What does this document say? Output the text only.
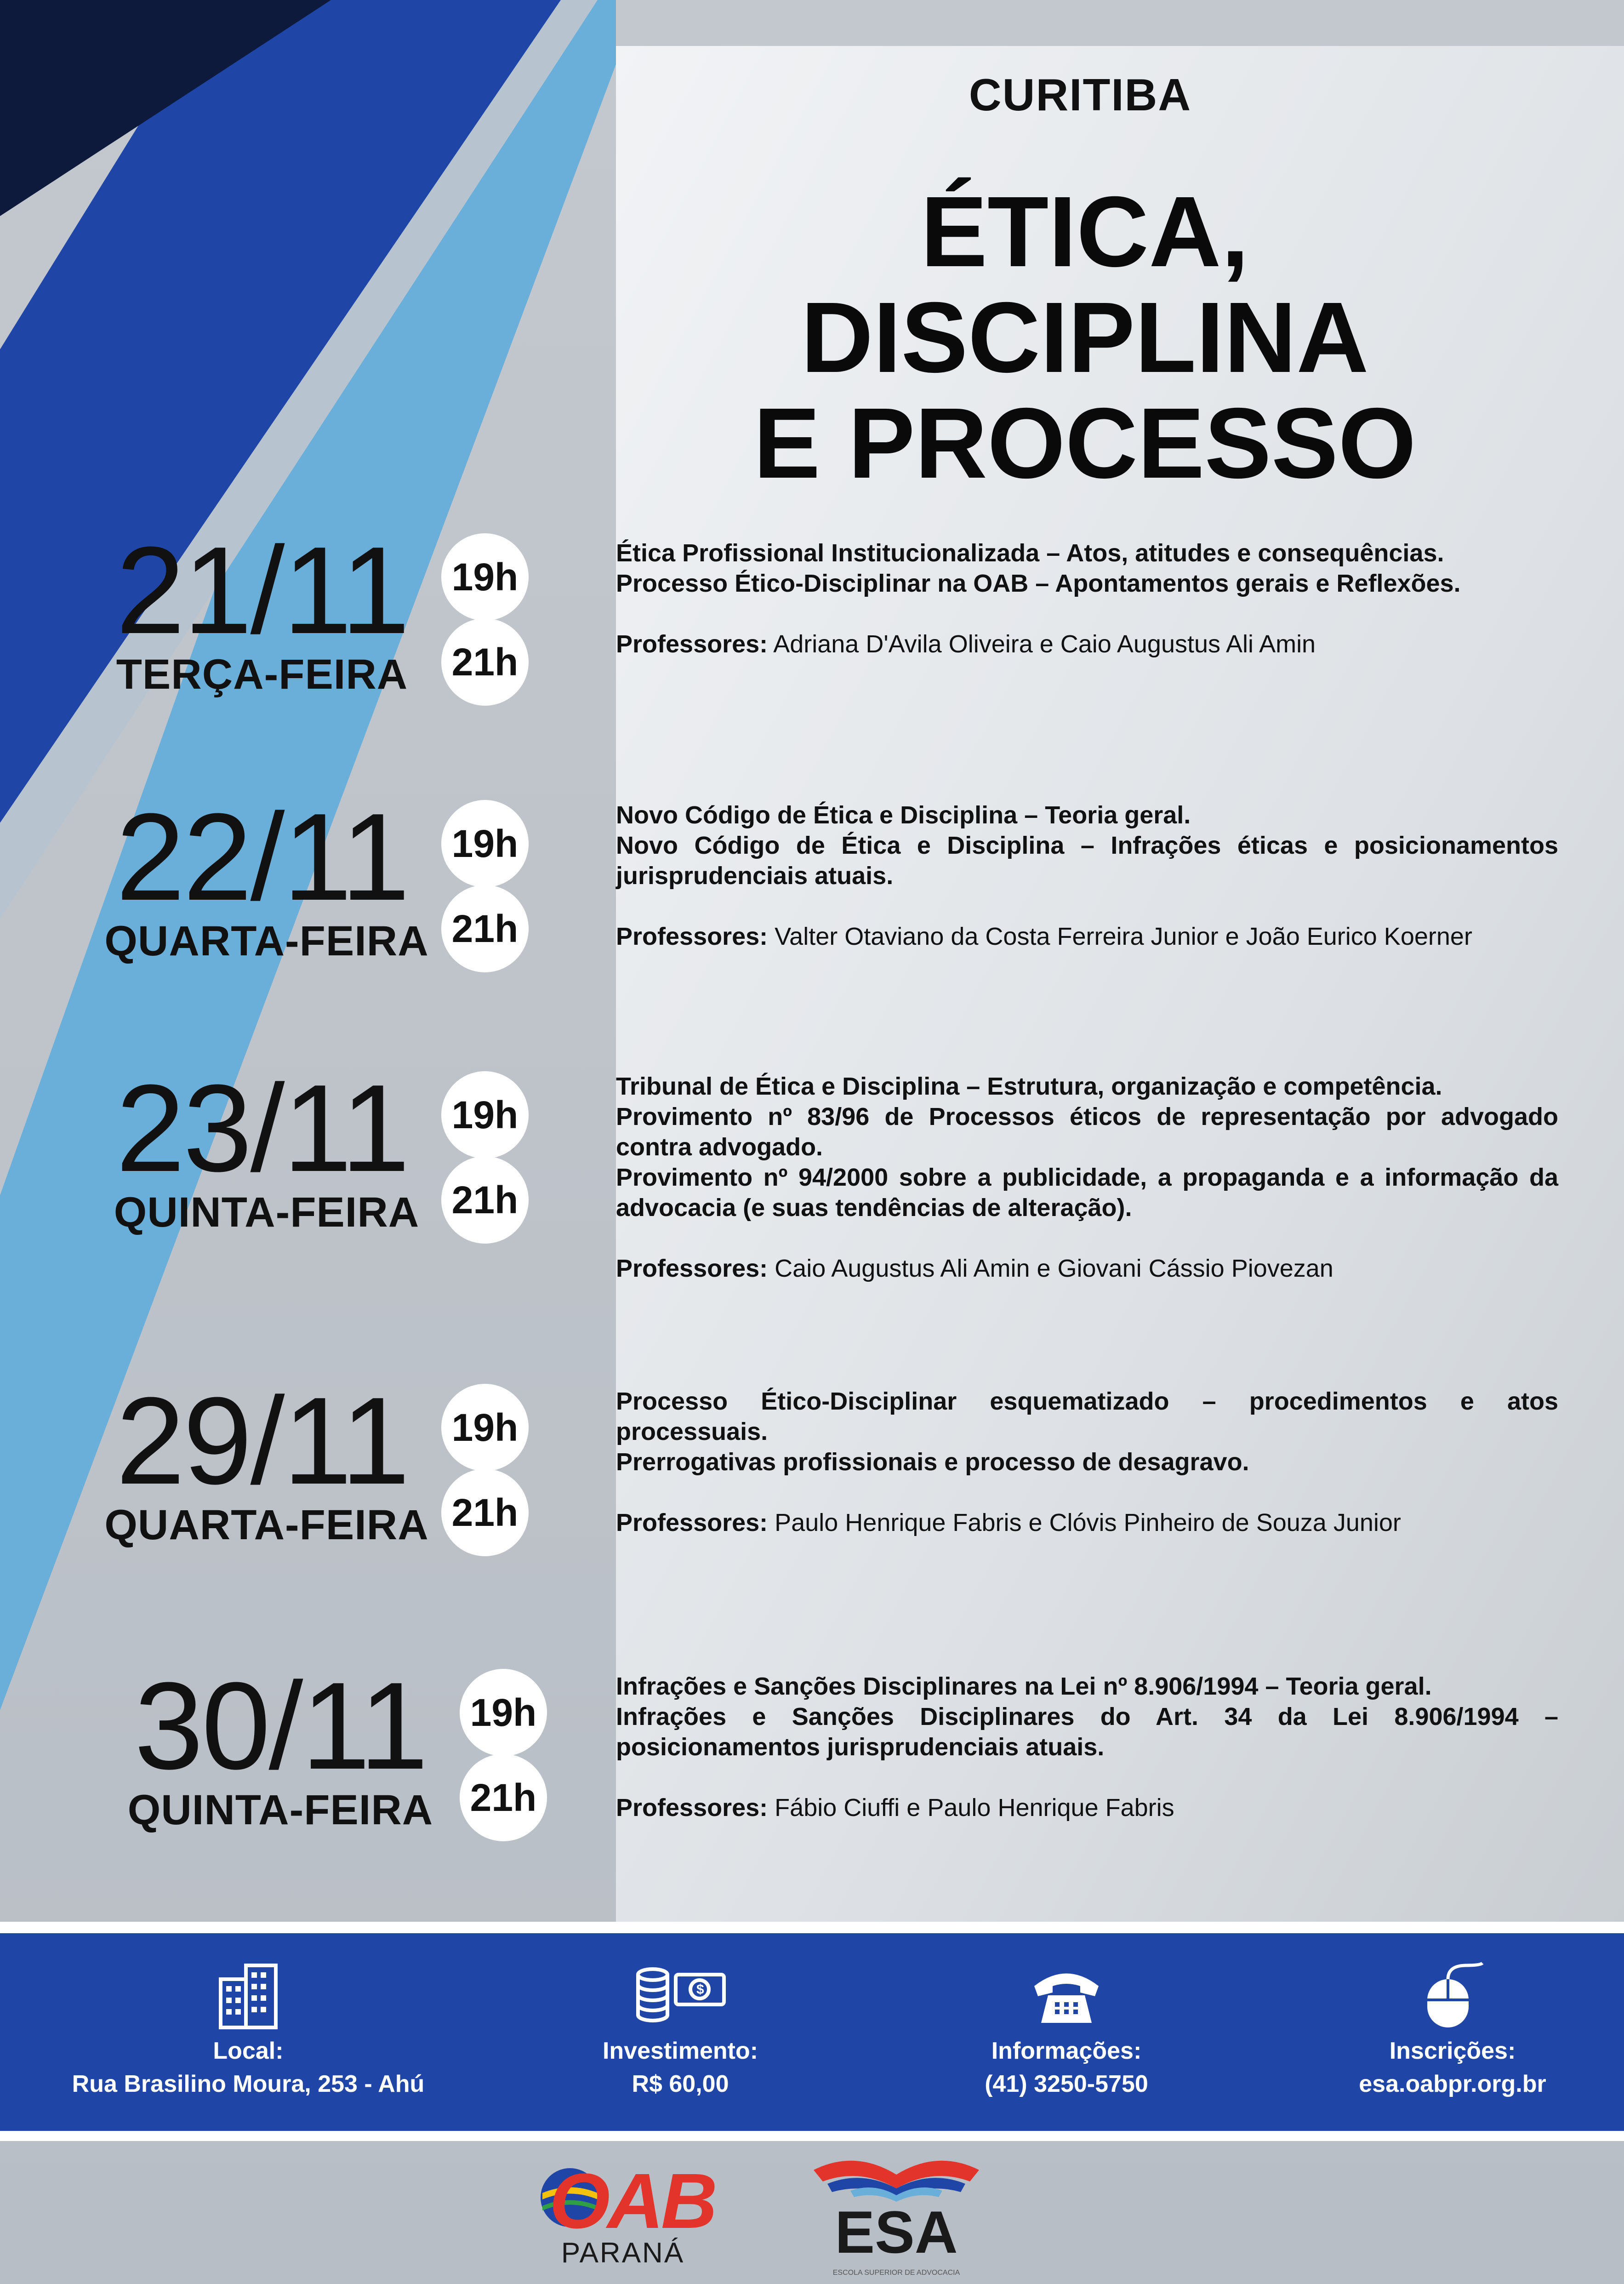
CURITIBA
ÉTICA,
DISCIPLINA
E PROCESSO
21/11
TERÇA-FEIRA
19h
21h
Ética Profissional Institucionalizada – Atos, atitudes e consequências.
Processo Ético-Disciplinar na OAB – Apontamentos gerais e Reflexões.
Professores: Adriana D'Avila Oliveira e Caio Augustus Ali Amin
22/11
QUARTA-FEIRA
19h
21h
Novo Código de Ética e Disciplina – Teoria geral.
Novo Código de Ética e Disciplina – Infrações éticas e posicionamentos jurisprudenciais atuais.
Professores: Valter Otaviano da Costa Ferreira Junior e João Eurico Koerner
23/11
QUINTA-FEIRA
19h
21h
Tribunal de Ética e Disciplina – Estrutura, organização e competência.
Provimento nº 83/96 de Processos éticos de representação por advogado contra advogado.
Provimento nº 94/2000 sobre a publicidade, a propaganda e a informação da advocacia (e suas tendências de alteração).
Professores: Caio Augustus Ali Amin e Giovani Cássio Piovezan
29/11
QUARTA-FEIRA
19h
21h
Processo Ético-Disciplinar esquematizado – procedimentos e atos processuais.
Prerrogativas profissionais e processo de desagravo.
Professores: Paulo Henrique Fabris e Clóvis Pinheiro de Souza Junior
30/11
QUINTA-FEIRA
19h
21h
Infrações e Sanções Disciplinares na Lei nº 8.906/1994 – Teoria geral.
Infrações e Sanções Disciplinares do Art. 34 da Lei 8.906/1994 – posicionamentos jurisprudenciais atuais.
Professores: Fábio Ciuffi e Paulo Henrique Fabris
Local:
Rua Brasilino Moura, 253 - Ahú
$
Investimento:
R$ 60,00
Informações:
(41) 3250-5750
Inscrições:
esa.oabpr.org.br
OAB
PARANÁ	ESA
ESCOLA SUPERIOR DE ADVOCACIA
